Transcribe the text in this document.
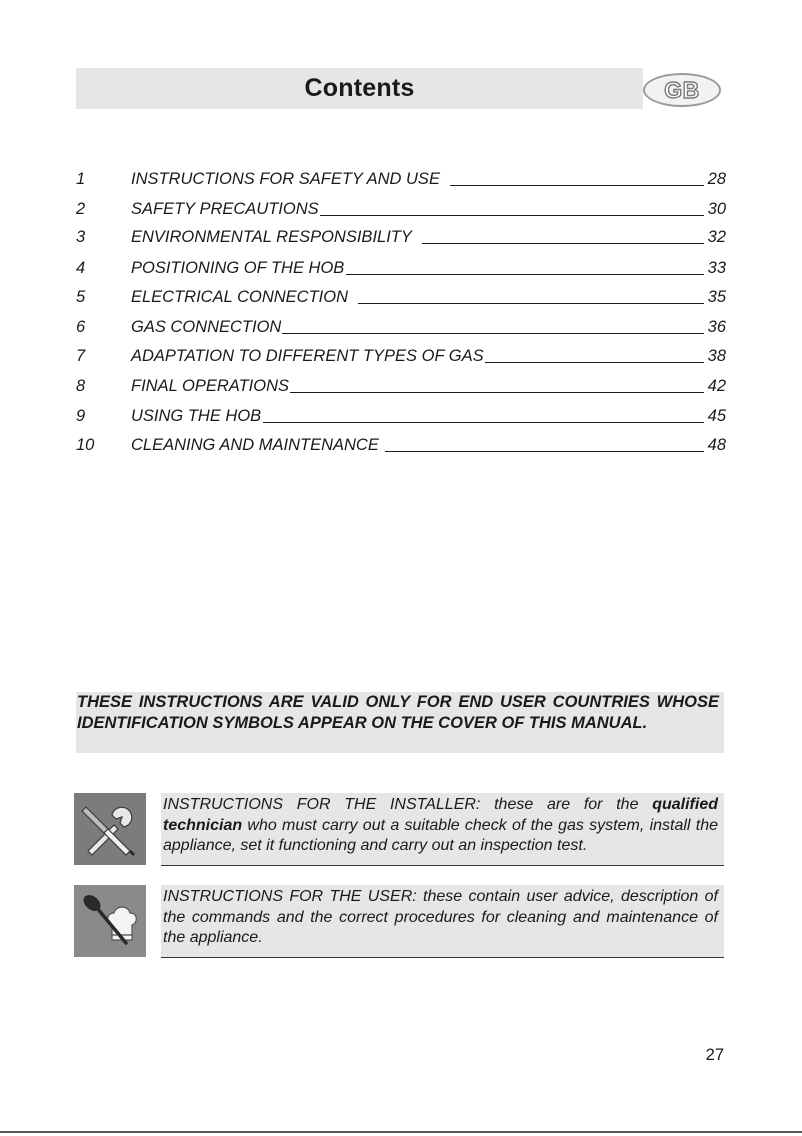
Contents	GB
1	INSTRUCTIONS FOR SAFETY AND USE	28
2	SAFETY PRECAUTIONS	30
3	ENVIRONMENTAL RESPONSIBILITY	32
4	POSITIONING OF THE HOB	33
5	ELECTRICAL CONNECTION	35
6	GAS CONNECTION	36
7	ADAPTATION TO DIFFERENT TYPES OF GAS	38
8	FINAL OPERATIONS	42
9	USING THE HOB	45
10	CLEANING AND MAINTENANCE	48

THESE INSTRUCTIONS ARE VALID ONLY FOR END USER COUNTRIES WHOSE IDENTIFICATION SYMBOLS APPEAR ON THE COVER OF THIS MANUAL.

INSTRUCTIONS FOR THE INSTALLER: these are for the qualified technician who must carry out a suitable check of the gas system, install the appliance, set it functioning and carry out an inspection test.

INSTRUCTIONS FOR THE USER: these contain user advice, description of the commands and the correct procedures for cleaning and maintenance of the appliance.

27
